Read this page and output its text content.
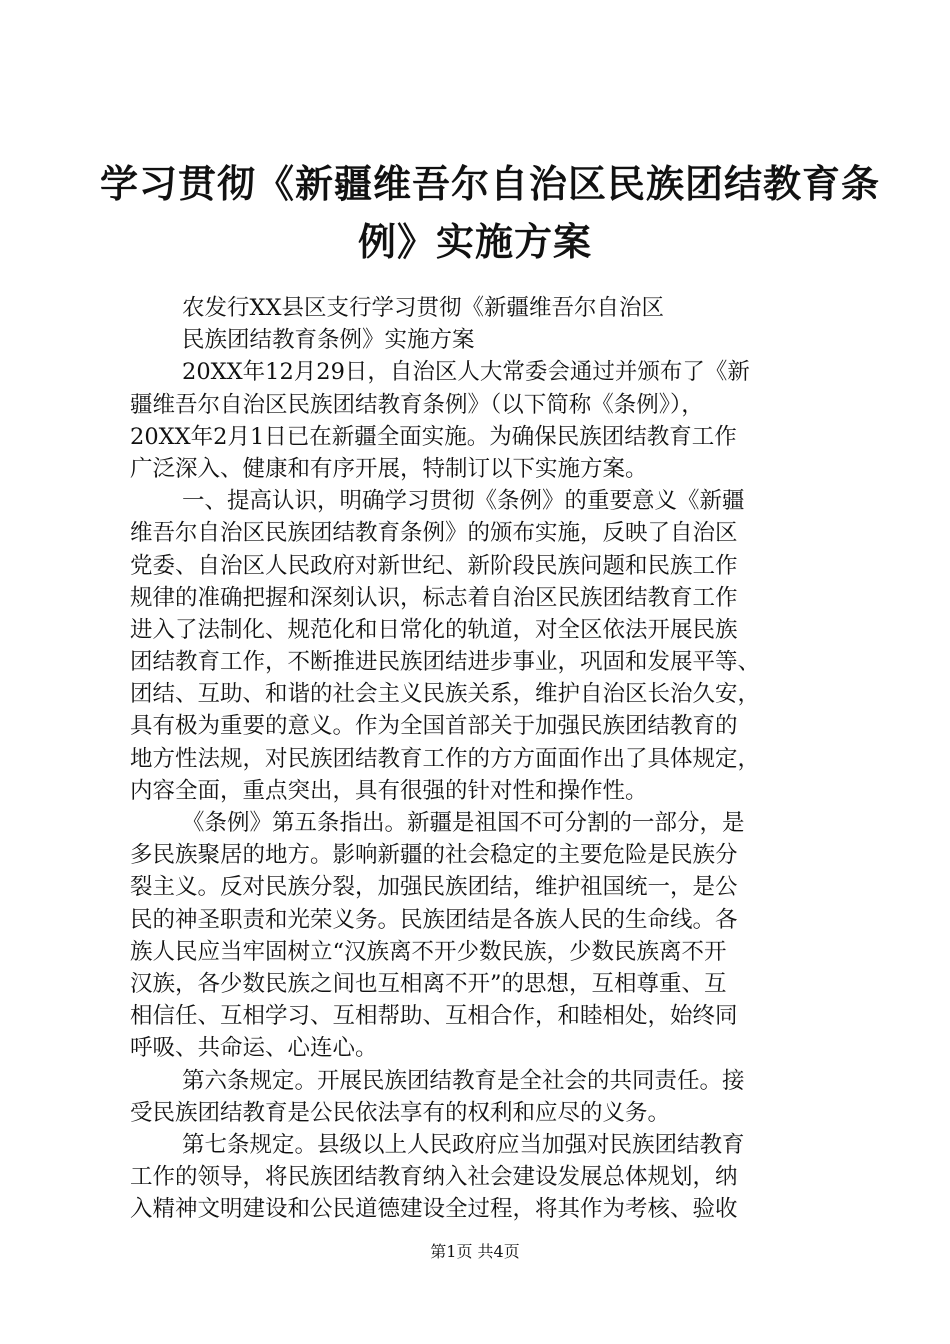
学习贯彻《新疆维吾尔自治区民族团结教育条
例》实施方案
农发行XX县区支行学习贯彻《新疆维吾尔自治区
民族团结教育条例》实施方案
20XX年12月29日，自治区人大常委会通过并颁布了《新
疆维吾尔自治区民族团结教育条例》（以下简称《条例》），
20XX年2月1日已在新疆全面实施。为确保民族团结教育工作
广泛深入、健康和有序开展，特制订以下实施方案。
一、提高认识，明确学习贯彻《条例》的重要意义《新疆
维吾尔自治区民族团结教育条例》的颁布实施，反映了自治区
党委、自治区人民政府对新世纪、新阶段民族问题和民族工作
规律的准确把握和深刻认识，标志着自治区民族团结教育工作
进入了法制化、规范化和日常化的轨道，对全区依法开展民族
团结教育工作，不断推进民族团结进步事业，巩固和发展平等、
团结、互助、和谐的社会主义民族关系，维护自治区长治久安，
具有极为重要的意义。作为全国首部关于加强民族团结教育的
地方性法规，对民族团结教育工作的方方面面作出了具体规定，
内容全面，重点突出，具有很强的针对性和操作性。
《条例》第五条指出。新疆是祖国不可分割的一部分，是
多民族聚居的地方。影响新疆的社会稳定的主要危险是民族分
裂主义。反对民族分裂，加强民族团结，维护祖国统一，是公
民的神圣职责和光荣义务。民族团结是各族人民的生命线。各
族人民应当牢固树立“汉族离不开少数民族，少数民族离不开
汉族，各少数民族之间也互相离不开”的思想，互相尊重、互
相信任、互相学习、互相帮助、互相合作，和睦相处，始终同
呼吸、共命运、心连心。
第六条规定。开展民族团结教育是全社会的共同责任。接
受民族团结教育是公民依法享有的权利和应尽的义务。
第七条规定。县级以上人民政府应当加强对民族团结教育
工作的领导，将民族团结教育纳入社会建设发展总体规划，纳
入精神文明建设和公民道德建设全过程，将其作为考核、验收
第1页 共4页
